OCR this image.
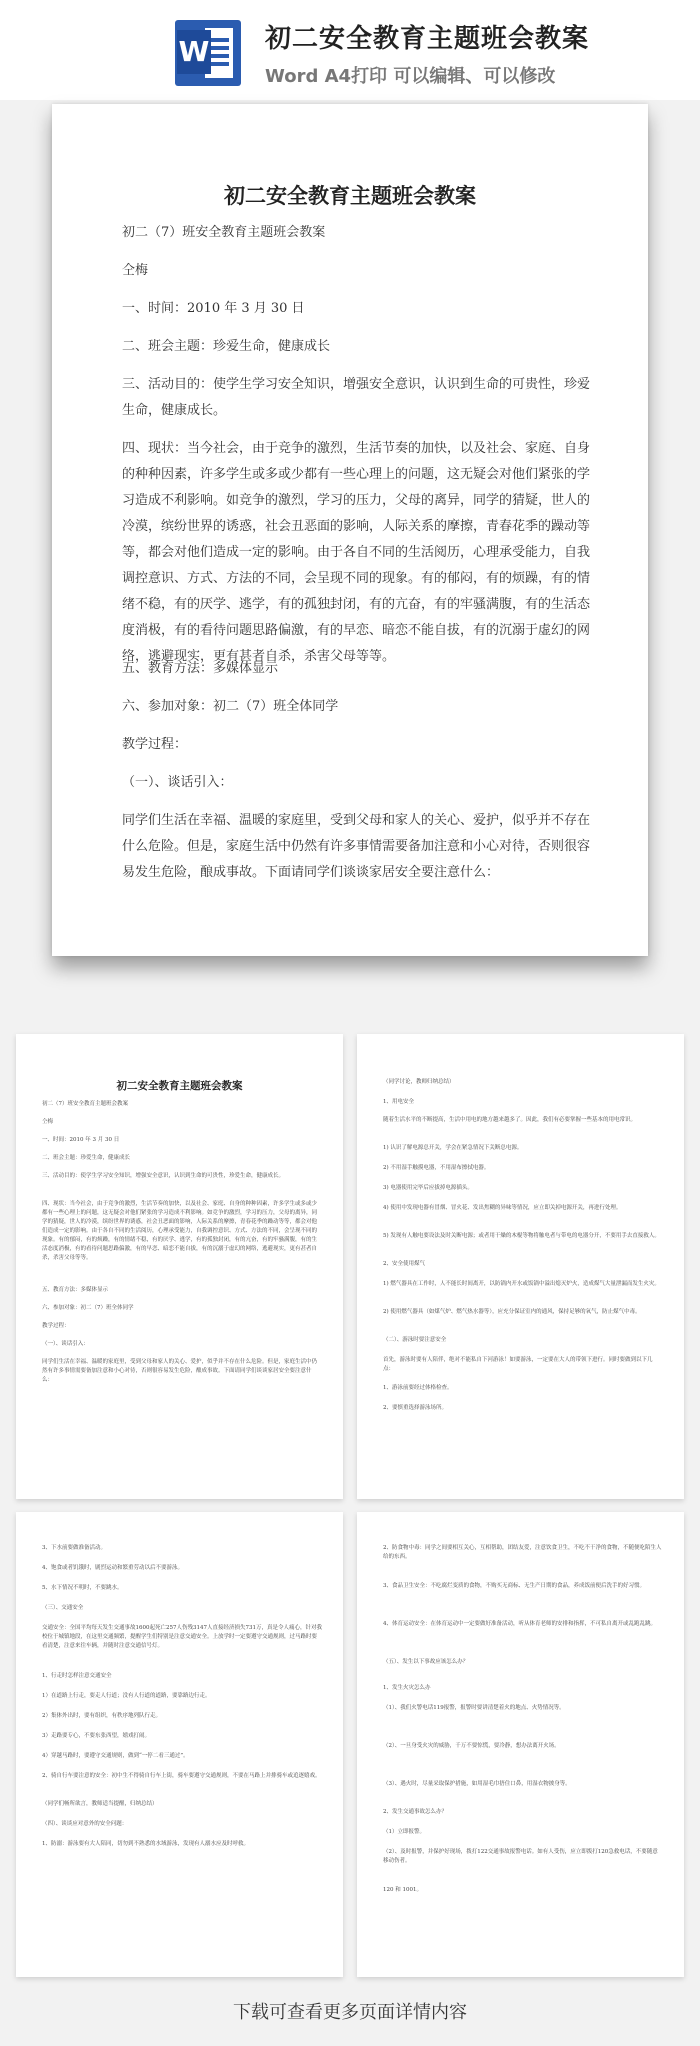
W 初二安全教育主题班会教案
Word A4打印 可以编辑、可以修改
初二安全教育主题班会教案
初二（7）班安全教育主题班会教案
仝梅
一、时间：2010 年 3 月 30 日
二、班会主题：珍爱生命，健康成长
三、活动目的：使学生学习安全知识，增强安全意识，认识到生命的可贵性，珍爱生命，健康成长。
四、现状：当今社会，由于竞争的激烈，生活节奏的加快，以及社会、家庭、自身的种种因素，许多学生或多或少都有一些心理上的问题，这无疑会对他们紧张的学习造成不利影响。如竞争的激烈，学习的压力，父母的离异，同学的猜疑，世人的冷漠，缤纷世界的诱惑，社会丑恶面的影响，人际关系的摩擦，青春花季的躁动等等，都会对他们造成一定的影响。由于各自不同的生活阅历，心理承受能力，自我调控意识、方式、方法的不同，会呈现不同的现象。有的郁闷，有的烦躁，有的情绪不稳，有的厌学、逃学，有的孤独封闭，有的亢奋，有的牢骚满腹，有的生活态度消极，有的看待问题思路偏激，有的早恋、暗恋不能自拔，有的沉溺于虚幻的网络，逃避现实，更有甚者自杀，杀害父母等等。
五、教育方法：多媒体显示
六、参加对象：初二（7）班全体同学
教学过程：
（一）、谈话引入：
同学们生活在幸福、温暖的家庭里，受到父母和家人的关心、爱护，似乎并不存在什么危险。但是，家庭生活中仍然有许多事情需要备加注意和小心对待，否则很容易发生危险，酿成事故。下面请同学们谈谈家居安全要注意什么：
初二安全教育主题班会教案
初二（7）班安全教育主题班会教案
仝梅
一、时间：2010 年 3 月 30 日
二、班会主题：珍爱生命，健康成长
三、活动目的：使学生学习安全知识，增强安全意识，认识到生命的可贵性，珍爱生命，健康成长。
四、现状：当今社会，由于竞争的激烈，生活节奏的加快，以及社会、家庭、自身的种种因素，许多学生或多或少都有一些心理上的问题，这无疑会对他们紧张的学习造成不利影响。如竞争的激烈，学习的压力，父母的离异，同学的猜疑，世人的冷漠，缤纷世界的诱惑，社会丑恶面的影响，人际关系的摩擦，青春花季的躁动等等，都会对他们造成一定的影响。由于各自不同的生活阅历，心理承受能力，自我调控意识、方式、方法的不同，会呈现不同的现象。有的郁闷，有的烦躁，有的情绪不稳，有的厌学、逃学，有的孤独封闭，有的亢奋，有的牢骚满腹，有的生活态度消极，有的看待问题思路偏激，有的早恋、暗恋不能自拔，有的沉溺于虚幻的网络，逃避现实，更有甚者自杀，杀害父母等等。
五、教育方法：多媒体显示
六、参加对象：初二（7）班全体同学
教学过程：
（一）、谈话引入：
同学们生活在幸福、温暖的家庭里，受到父母和家人的关心、爱护，似乎并不存在什么危险。但是，家庭生活中仍然有许多事情需要备加注意和小心对待，否则很容易发生危险，酿成事故。下面请同学们谈谈家居安全要注意什么：
（同学讨论，教师归纳总结）
1、用电安全
随着生活水平的不断提高，生活中用电的地方越来越多了。因此，我们有必要掌握一些基本的用电常识。
1) 认识了解电源总开关，学会在紧急情况下关断总电源。
2) 不用湿手触摸电器，不用湿布擦拭电器。
3) 电器使用完毕后应拔掉电源插头。
4) 使用中发现电器有冒烟、冒火花、发出焦糊的异味等情况，应立即关掉电源开关，再进行处理。
5) 发现有人触电要设法及时关断电源；或者用干燥的木棍等物将触电者与带电的电器分开，不要用手去直接救人。
2、安全使用煤气
1) 燃气器具在工作时，人不能长时间离开，以防锅内开水或饭锅中溢出熄灭炉火，造成煤气大量泄漏而发生火灾。
2) 使用燃气器具（如煤气炉、燃气热水器等），应充分保证室内的通风，保持足够的氧气，防止煤气中毒。
（二）、游泳时要注意安全
首先，游泳时要有人陪伴，绝对不能私自下河游泳！如要游泳，一定要在大人的带领下进行。同时要做到以下几点：
1、游泳前要经过体格检查。
2、要慎重选择游泳场所。
3、下水前要做准备活动。
4、饱食或者饥饿时，剧烈运动和繁重劳动以后不要游泳。
5、水下情况不明时，不要跳水。
（三）、交通安全
交通安全：全国平均每天发生交通事故1600起死亡257人伤残3147人直接经济损失731万，真是令人痛心，针对我校位于城镇地段，在这里交通频繁，提醒学生们特别是注意交通安全。上放学时一定要遵守交通规则，过马路时要看清楚，注意来往车辆，并随时注意交通信号灯。
1、行走时怎样注意交通安全
1）在道路上行走，要走人行道；没有人行道的道路，要靠路边行走。
2）集体外出时，要有组织，有秩序地列队行走。
3）走路要专心，不要东张西望，嬉戏打闹。
4）穿越马路时，要遵守交通规则，做到“一停二看三通过”。
2、骑自行车要注意的安全：初中生不得骑自行车上街，骑车要遵守交通规则，不要在马路上并排骑车或追逐嬉戏。
（同学们畅所欲言，教师适当提醒，归纳总结）
（四）、谈谈应对意外的安全问题：
1、防溺：游泳要有大人陪同，切勿到不熟悉的水域游泳，发现有人溺水应及时呼救。
2、防食物中毒：同学之间要相互关心，互相帮助，团结友爱，注意饮食卫生，不吃不干净的食物，不随便吃陌生人给的东西。
3、食品卫生安全：不吃腐烂变质的食物，不购买无商标、无生产日期的食品，养成饭前便后洗手的好习惯。
4、体育运动安全：在体育运动中一定要做好准备活动，听从体育老师的安排和指挥，不可私自离开或乱跑乱跳。
（五）、发生以下事故应该怎么办？
1、发生火灾怎么办
（1）、我们火警电话119报警，报警时要讲清楚着火的地点、火势情况等。
（2）、一旦身受火灾的威胁，千万不要惊慌，要冷静，想办法离开火场。
（3）、遇火时，尽量采取保护措施，如用湿毛巾捂住口鼻，用湿衣物披身等。
2、发生交通事故怎么办？
（1）立即报警。
（2）、及时报警，并保护好现场，拨打122交通事故报警电话。如有人受伤，应立即拨打120急救电话，不要随意移动伤者。
120 和 1001。
下载可查看更多页面详情内容
